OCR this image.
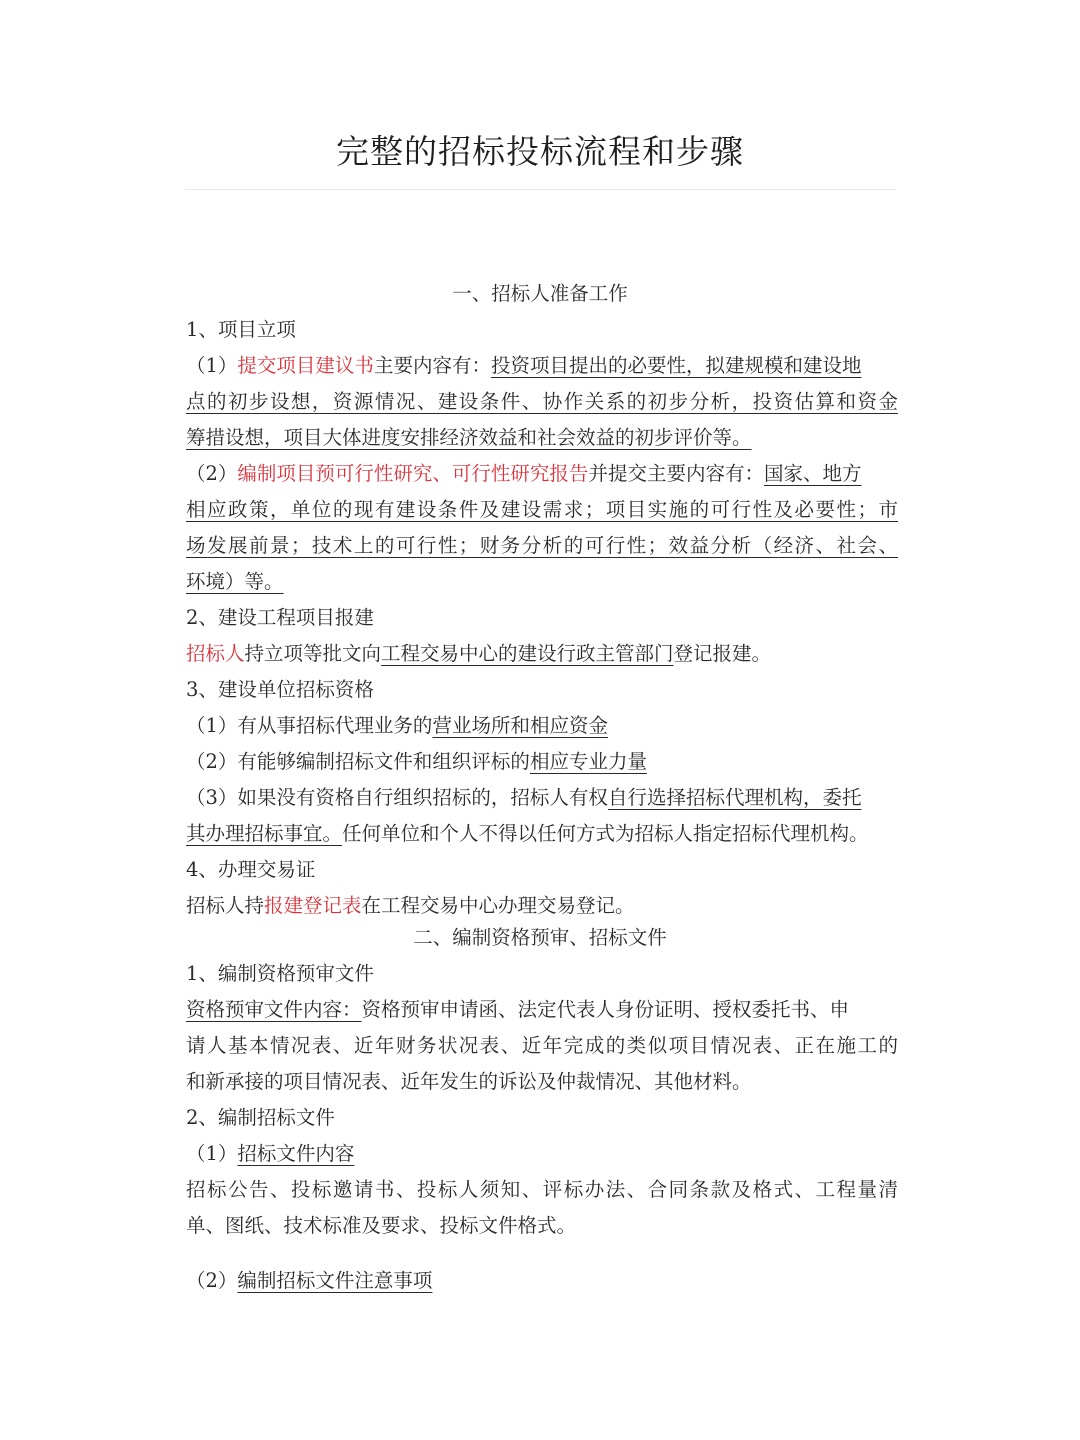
完整的招标投标流程和步骤
一、招标人准备工作
1、项目立项
（1）提交项目建议书主要内容有：投资项目提出的必要性，拟建规模和建设地
点的初步设想，资源情况、建设条件、协作关系的初步分析，投资估算和资金
筹措设想，项目大体进度安排经济效益和社会效益的初步评价等。
（2）编制项目预可行性研究、可行性研究报告并提交主要内容有：国家、地方
相应政策，单位的现有建设条件及建设需求；项目实施的可行性及必要性；市
场发展前景；技术上的可行性；财务分析的可行性；效益分析（经济、社会、
环境）等。
2、建设工程项目报建
招标人持立项等批文向工程交易中心的建设行政主管部门登记报建。
3、建设单位招标资格
（1）有从事招标代理业务的营业场所和相应资金
（2）有能够编制招标文件和组织评标的相应专业力量
（3）如果没有资格自行组织招标的，招标人有权自行选择招标代理机构，委托
其办理招标事宜。任何单位和个人不得以任何方式为招标人指定招标代理机构。
4、办理交易证
招标人持报建登记表在工程交易中心办理交易登记。
二、编制资格预审、招标文件
1、编制资格预审文件
资格预审文件内容：资格预审申请函、法定代表人身份证明、授权委托书、申
请人基本情况表、近年财务状况表、近年完成的类似项目情况表、正在施工的
和新承接的项目情况表、近年发生的诉讼及仲裁情况、其他材料。
2、编制招标文件
（1）招标文件内容
招标公告、投标邀请书、投标人须知、评标办法、合同条款及格式、工程量清
单、图纸、技术标准及要求、投标文件格式。
（2）编制招标文件注意事项
